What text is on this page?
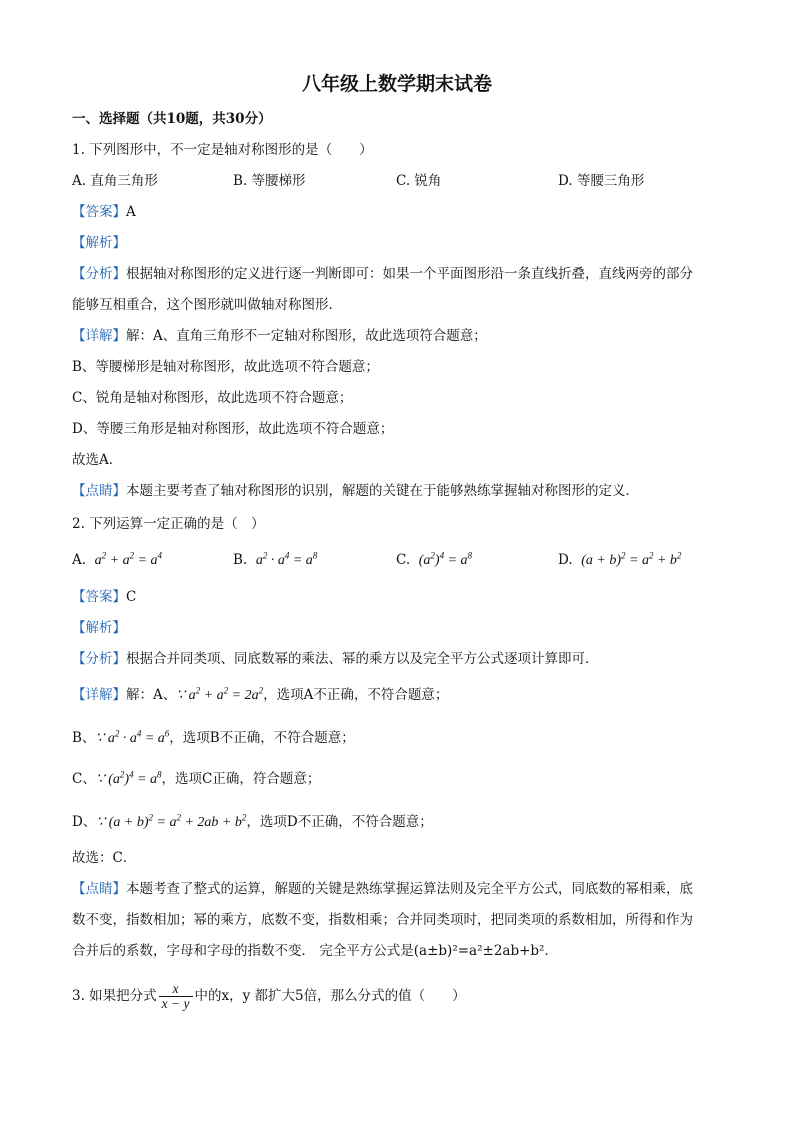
八年级上数学期末试卷
一、选择题（共10题，共30分）
1. 下列图形中，不一定是轴对称图形的是（　　）
A. 直角三角形	B. 等腰梯形	C. 锐角	D. 等腰三角形
【答案】A
【解析】
【分析】根据轴对称图形的定义进行逐一判断即可：如果一个平面图形沿一条直线折叠，直线两旁的部分
能够互相重合，这个图形就叫做轴对称图形．
【详解】解：A、直角三角形不一定轴对称图形，故此选项符合题意；
B、等腰梯形是轴对称图形，故此选项不符合题意；
C、锐角是轴对称图形，故此选项不符合题意；
D、等腰三角形是轴对称图形，故此选项不符合题意；
故选A．
【点睛】本题主要考查了轴对称图形的识别，解题的关键在于能够熟练掌握轴对称图形的定义．
2. 下列运算一定正确的是（　）
A. $a^2 + a^2 = a^4$	B. $a^2 \cdot a^4 = a^8$	C. $(a^2)^4 = a^8$	D. $(a + b)^2 = a^2 + b^2$
【答案】C
【解析】
【分析】根据合并同类项、同底数幂的乘法、幂的乘方以及完全平方公式逐项计算即可．
【详解】解：A、∵ $a^2 + a^2 = 2a^2$，选项A不正确，不符合题意；
B、∵ $a^2 \cdot a^4 = a^6$，选项B不正确，不符合题意；
C、∵ $(a^2)^4 = a^8$，选项C正确，符合题意；
D、∵ $(a + b)^2 = a^2 + 2ab + b^2$，选项D不正确，不符合题意；
故选：C．
【点睛】本题考查了整式的运算，解题的关键是熟练掌握运算法则及完全平方公式，同底数的幂相乘，底
数不变，指数相加；幂的乘方，底数不变，指数相乘；合并同类项时，把同类项的系数相加，所得和作为
合并后的系数，字母和字母的指数不变． 完全平方公式是(a±b)²=a²±2ab+b²．
3. 如果把分式 $\frac{x}{x - y}$ 中的x，y 都扩大5倍，那么分式的值（　　）
